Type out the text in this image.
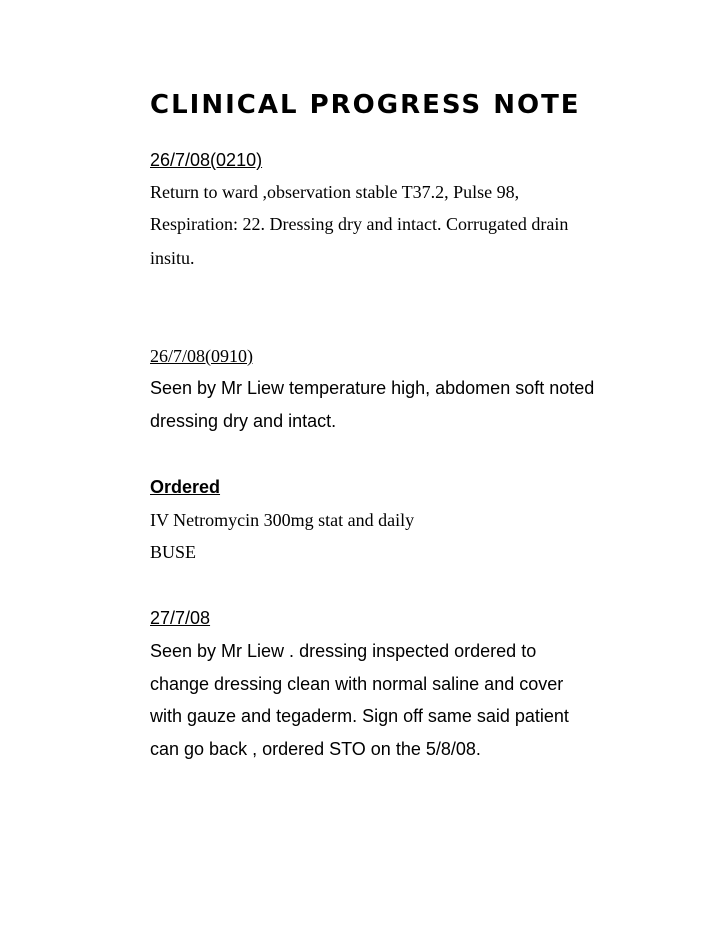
CLINICAL PROGRESS NOTE
26/7/08(0210)
Return to ward ,observation stable T37.2, Pulse 98,
Respiration: 22. Dressing dry and intact. Corrugated drain
insitu.
26/7/08(0910)
Seen by Mr Liew temperature high, abdomen soft noted
dressing dry and intact.
Ordered
IV Netromycin 300mg stat and daily
BUSE
27/7/08
Seen by Mr Liew . dressing inspected ordered to
change dressing clean with normal saline and cover
with gauze and tegaderm. Sign off same said patient
can go back , ordered STO on the 5/8/08.
